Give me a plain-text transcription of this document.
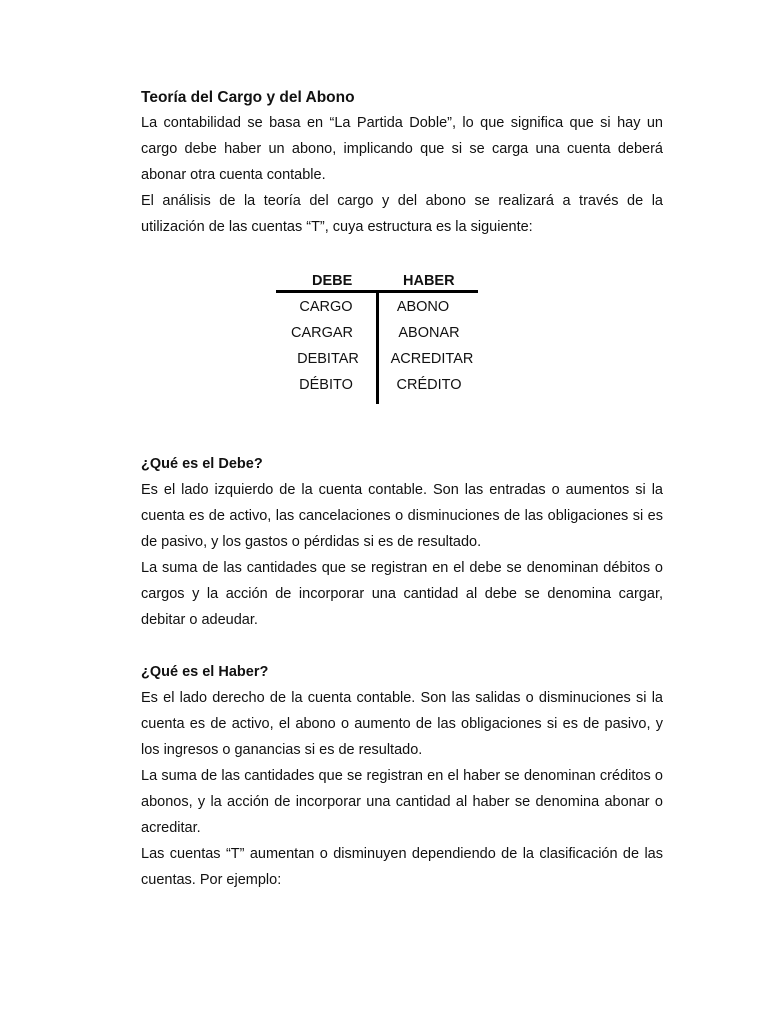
Teoría del Cargo y del Abono

La contabilidad se basa en “La Partida Doble”, lo que significa que si hay un cargo debe haber un abono, implicando que si se carga una cuenta deberá abonar otra cuenta contable.

El análisis de la teoría del cargo y del abono se realizará a través de la utilización de las cuentas “T”, cuya estructura es la siguiente:

DEBE	HABER
CARGO	ABONO
CARGAR	ABONAR
DEBITAR	ACREDITAR
DÉBITO	CRÉDITO
¿Qué es el Debe?

Es el lado izquierdo de la cuenta contable. Son las entradas o aumentos si la cuenta es de activo, las cancelaciones o disminuciones de las obligaciones si es de pasivo, y los gastos o pérdidas si es de resultado.

La suma de las cantidades que se registran en el debe se denominan débitos o cargos y la acción de incorporar una cantidad al debe se denomina cargar, debitar o adeudar.

¿Qué es el Haber?

Es el lado derecho de la cuenta contable. Son las salidas o disminuciones si la cuenta es de activo, el abono o aumento de las obligaciones si es de pasivo, y los ingresos o ganancias si es de resultado.

La suma de las cantidades que se registran en el haber se denominan créditos o abonos, y la acción de incorporar una cantidad al haber se denomina abonar o acreditar.

Las cuentas “T” aumentan o disminuyen dependiendo de la clasificación de las cuentas. Por ejemplo:
